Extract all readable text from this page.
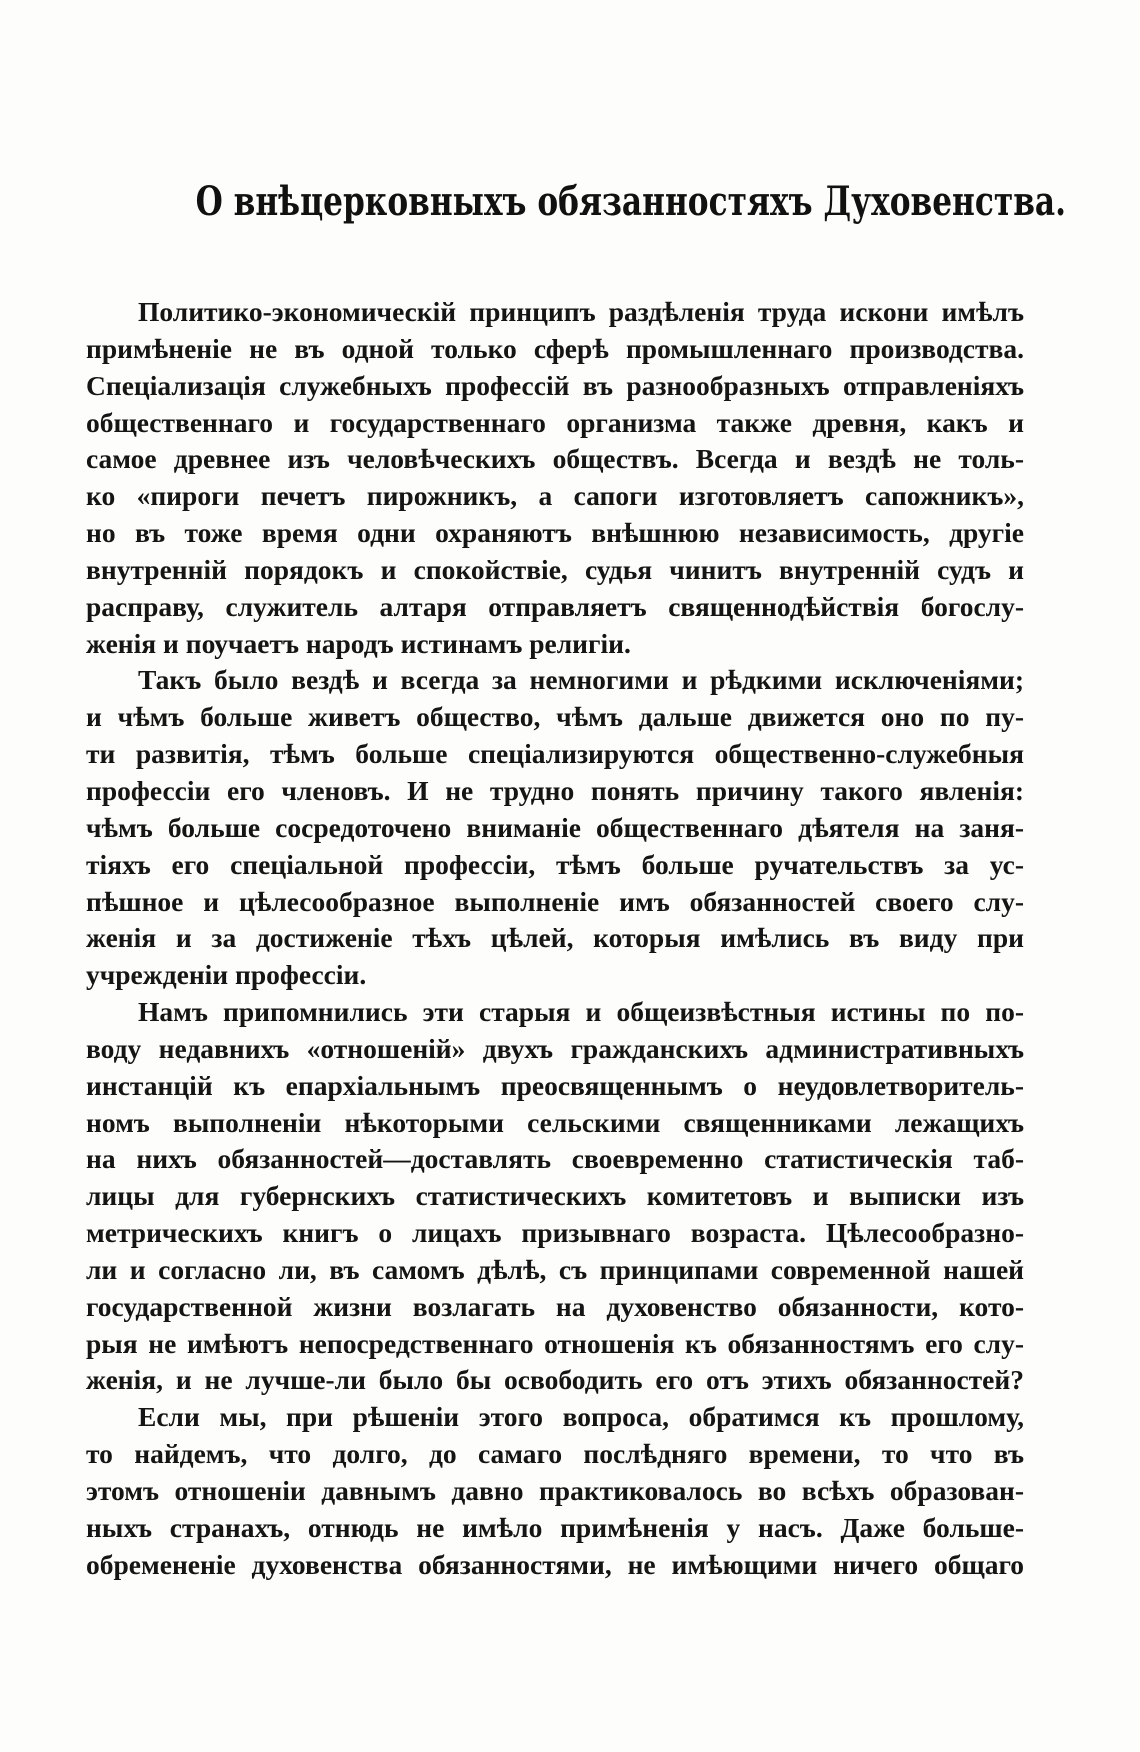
О внѣцерковныхъ обязанностяхъ Духовенства.
Политико-экономическій принципъ раздѣленія труда искони имѣлъ
примѣненіе не въ одной только сферѣ промышленнаго производства.
Спеціализація служебныхъ профессій въ разнообразныхъ отправленіяхъ
общественнаго и государственнаго организма также древня, какъ и
самое древнее изъ человѣческихъ обществъ. Всегда и вездѣ не толь-
ко «пироги печетъ пирожникъ, а сапоги изготовляетъ сапожникъ»,
но въ тоже время одни охраняютъ внѣшнюю независимость, другіе
внутренній порядокъ и спокойствіе, судья чинитъ внутренній судъ и
расправу, служитель алтаря отправляетъ священнодѣйствія богослу-
женія и поучаетъ народъ истинамъ религіи.
Такъ было вездѣ и всегда за немногими и рѣдкими исключеніями;
и чѣмъ больше живетъ общество, чѣмъ дальше движется оно по пу-
ти развитія, тѣмъ больше спеціализируются общественно-служебныя
профессіи его членовъ. И не трудно понять причину такого явленія:
чѣмъ больше сосредоточено вниманіе общественнаго дѣятеля на заня-
тіяхъ его спеціальной профессіи, тѣмъ больше ручательствъ за ус-
пѣшное и цѣлесообразное выполненіе имъ обязанностей своего слу-
женія и за достиженіе тѣхъ цѣлей, которыя имѣлись въ виду при
учрежденіи профессіи.
Намъ припомнились эти старыя и общеизвѣстныя истины по по-
воду недавнихъ «отношеній» двухъ гражданскихъ административныхъ
инстанцій къ епархіальнымъ преосвященнымъ о неудовлетворитель-
номъ выполненіи нѣкоторыми сельскими священниками лежащихъ
на нихъ обязанностей—доставлять своевременно статистическія таб-
лицы для губернскихъ статистическихъ комитетовъ и выписки изъ
метрическихъ книгъ о лицахъ призывнаго возраста. Цѣлесообразно-
ли и согласно ли, въ самомъ дѣлѣ, съ принципами современной нашей
государственной жизни возлагать на духовенство обязанности, кото-
рыя не имѣютъ непосредственнаго отношенія къ обязанностямъ его слу-
женія, и не лучше-ли было бы освободить его отъ этихъ обязанностей?
Если мы, при рѣшеніи этого вопроса, обратимся къ прошлому,
то найдемъ, что долго, до самаго послѣдняго времени, то что въ
этомъ отношеніи давнымъ давно практиковалось во всѣхъ образован-
ныхъ странахъ, отнюдь не имѣло примѣненія у насъ. Даже больше-
обремененіе духовенства обязанностями, не имѣющими ничего общаго
